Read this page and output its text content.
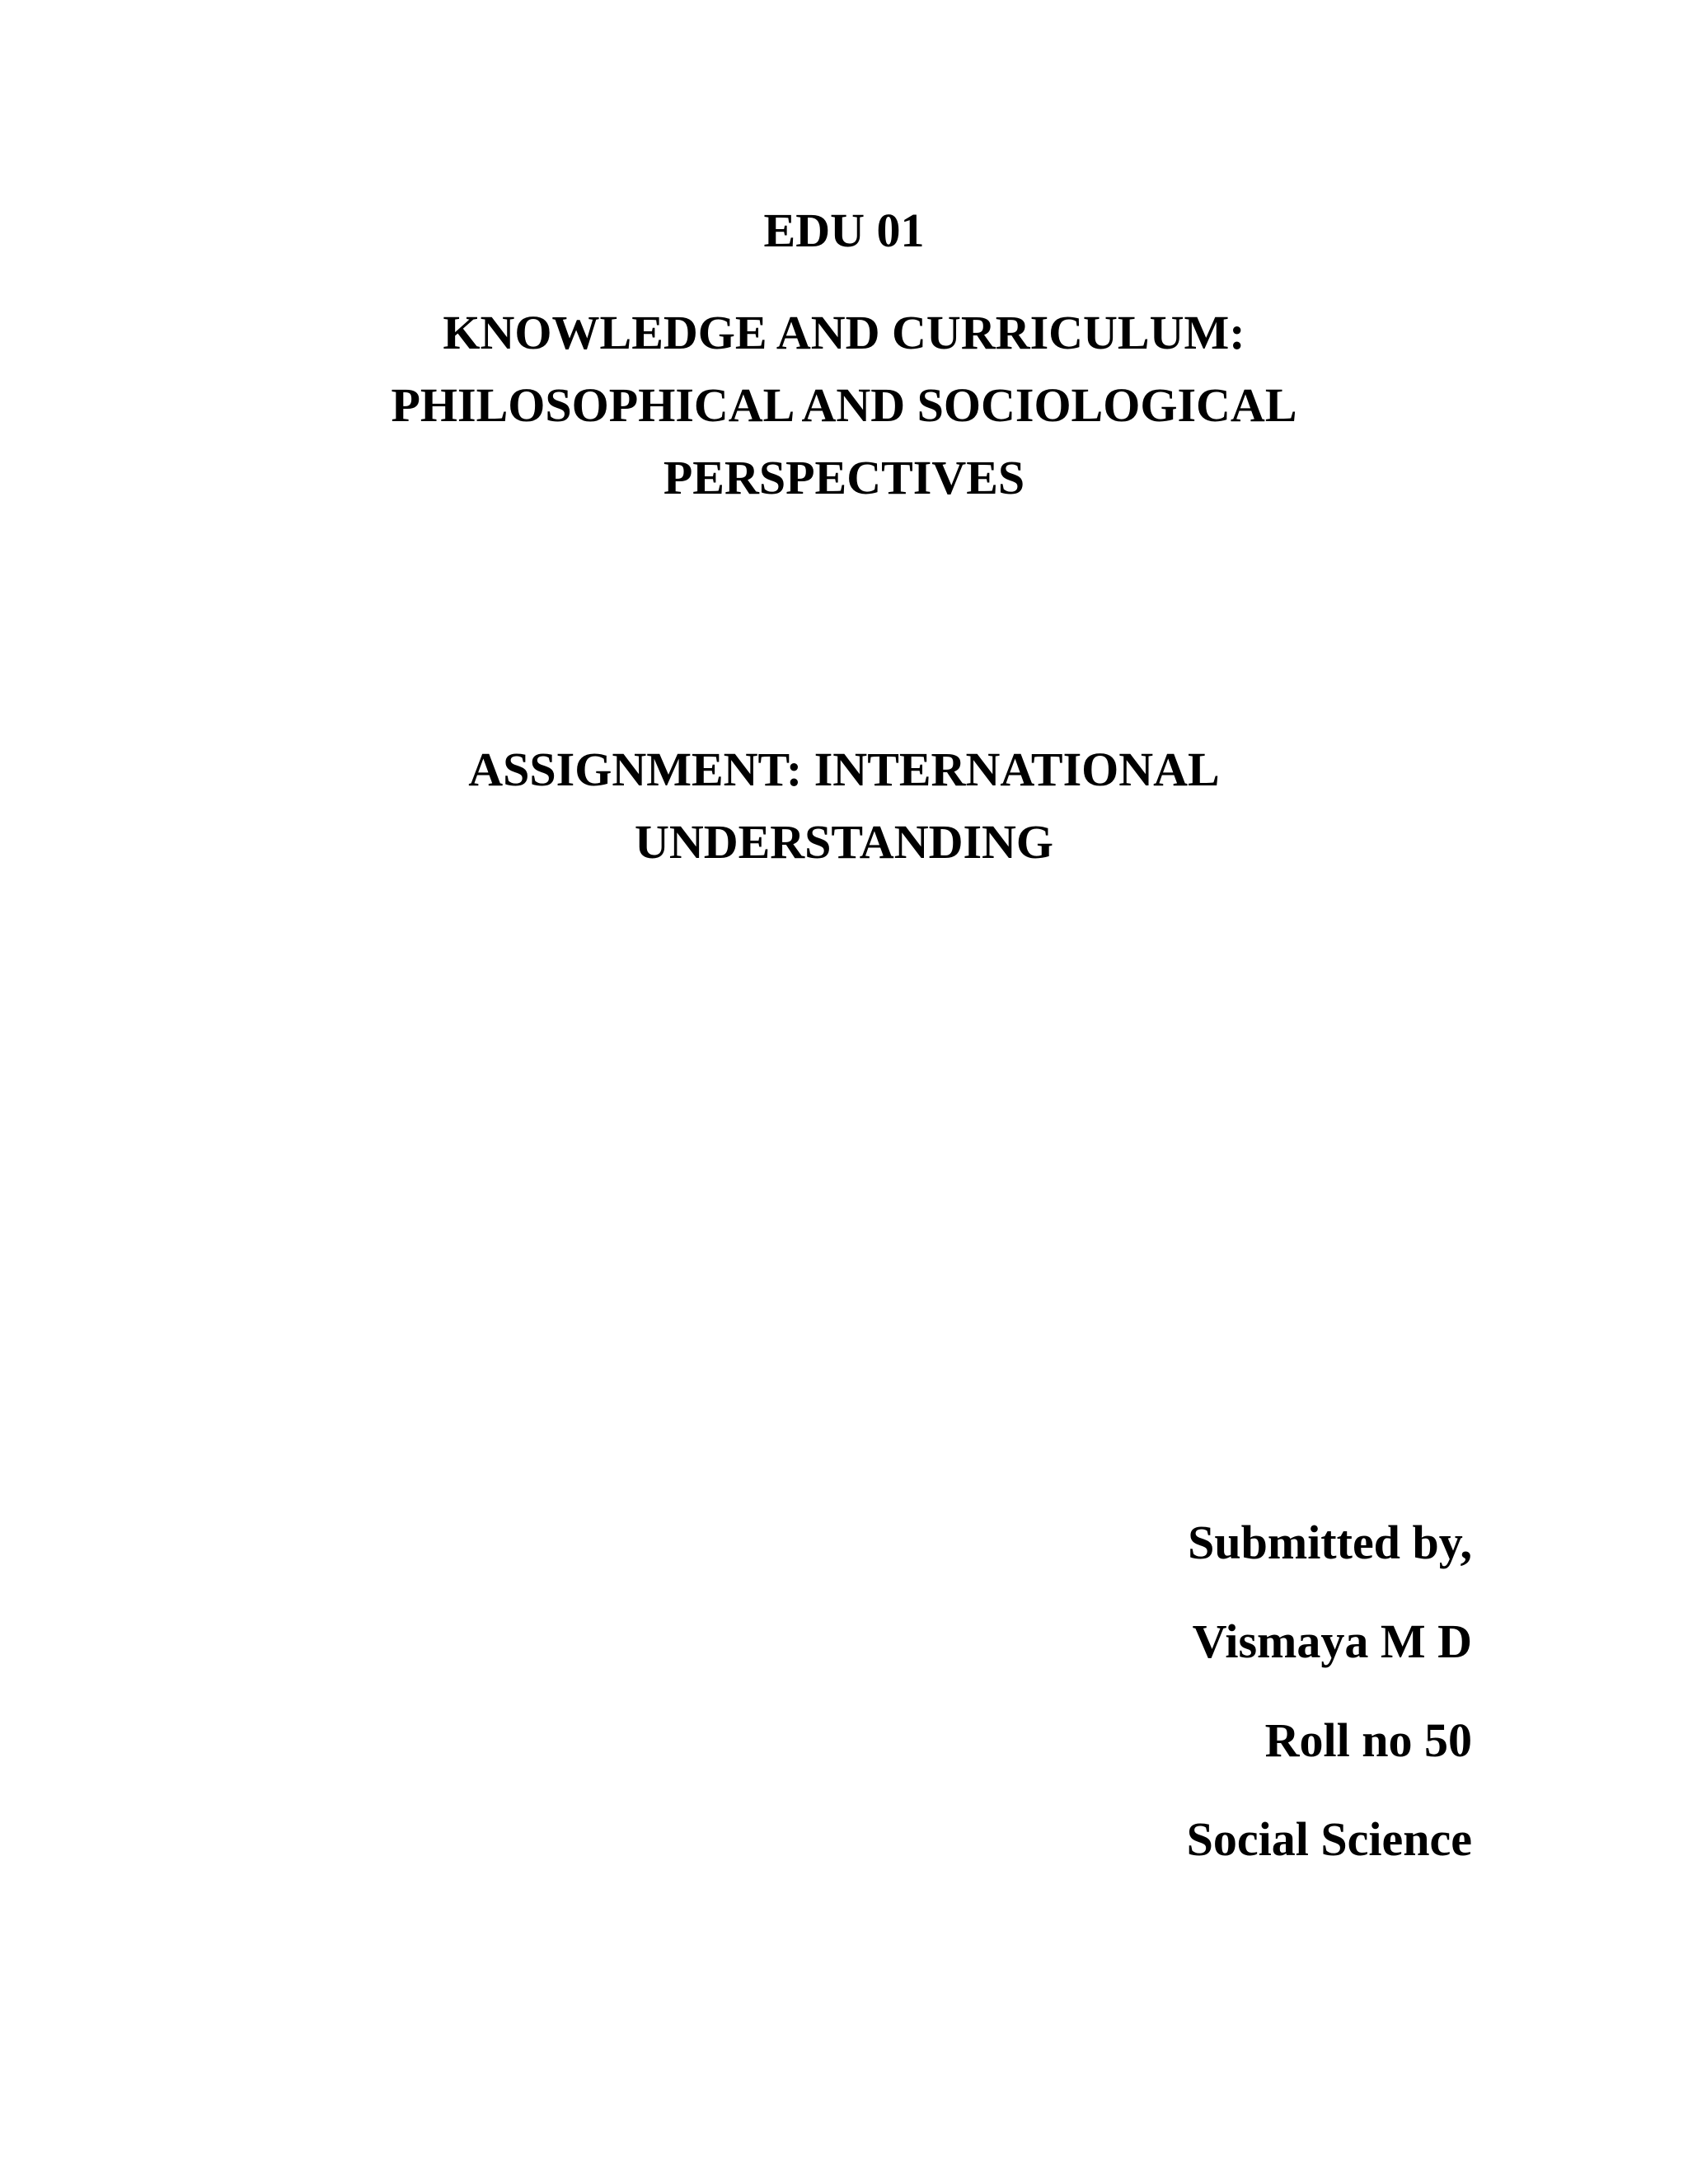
EDU 01
KNOWLEDGE AND CURRICULUM:
PHILOSOPHICAL AND SOCIOLOGICAL
PERSPECTIVES
ASSIGNMENT: INTERNATIONAL
UNDERSTANDING
Submitted by,
Vismaya M D
Roll no 50
Social Science
